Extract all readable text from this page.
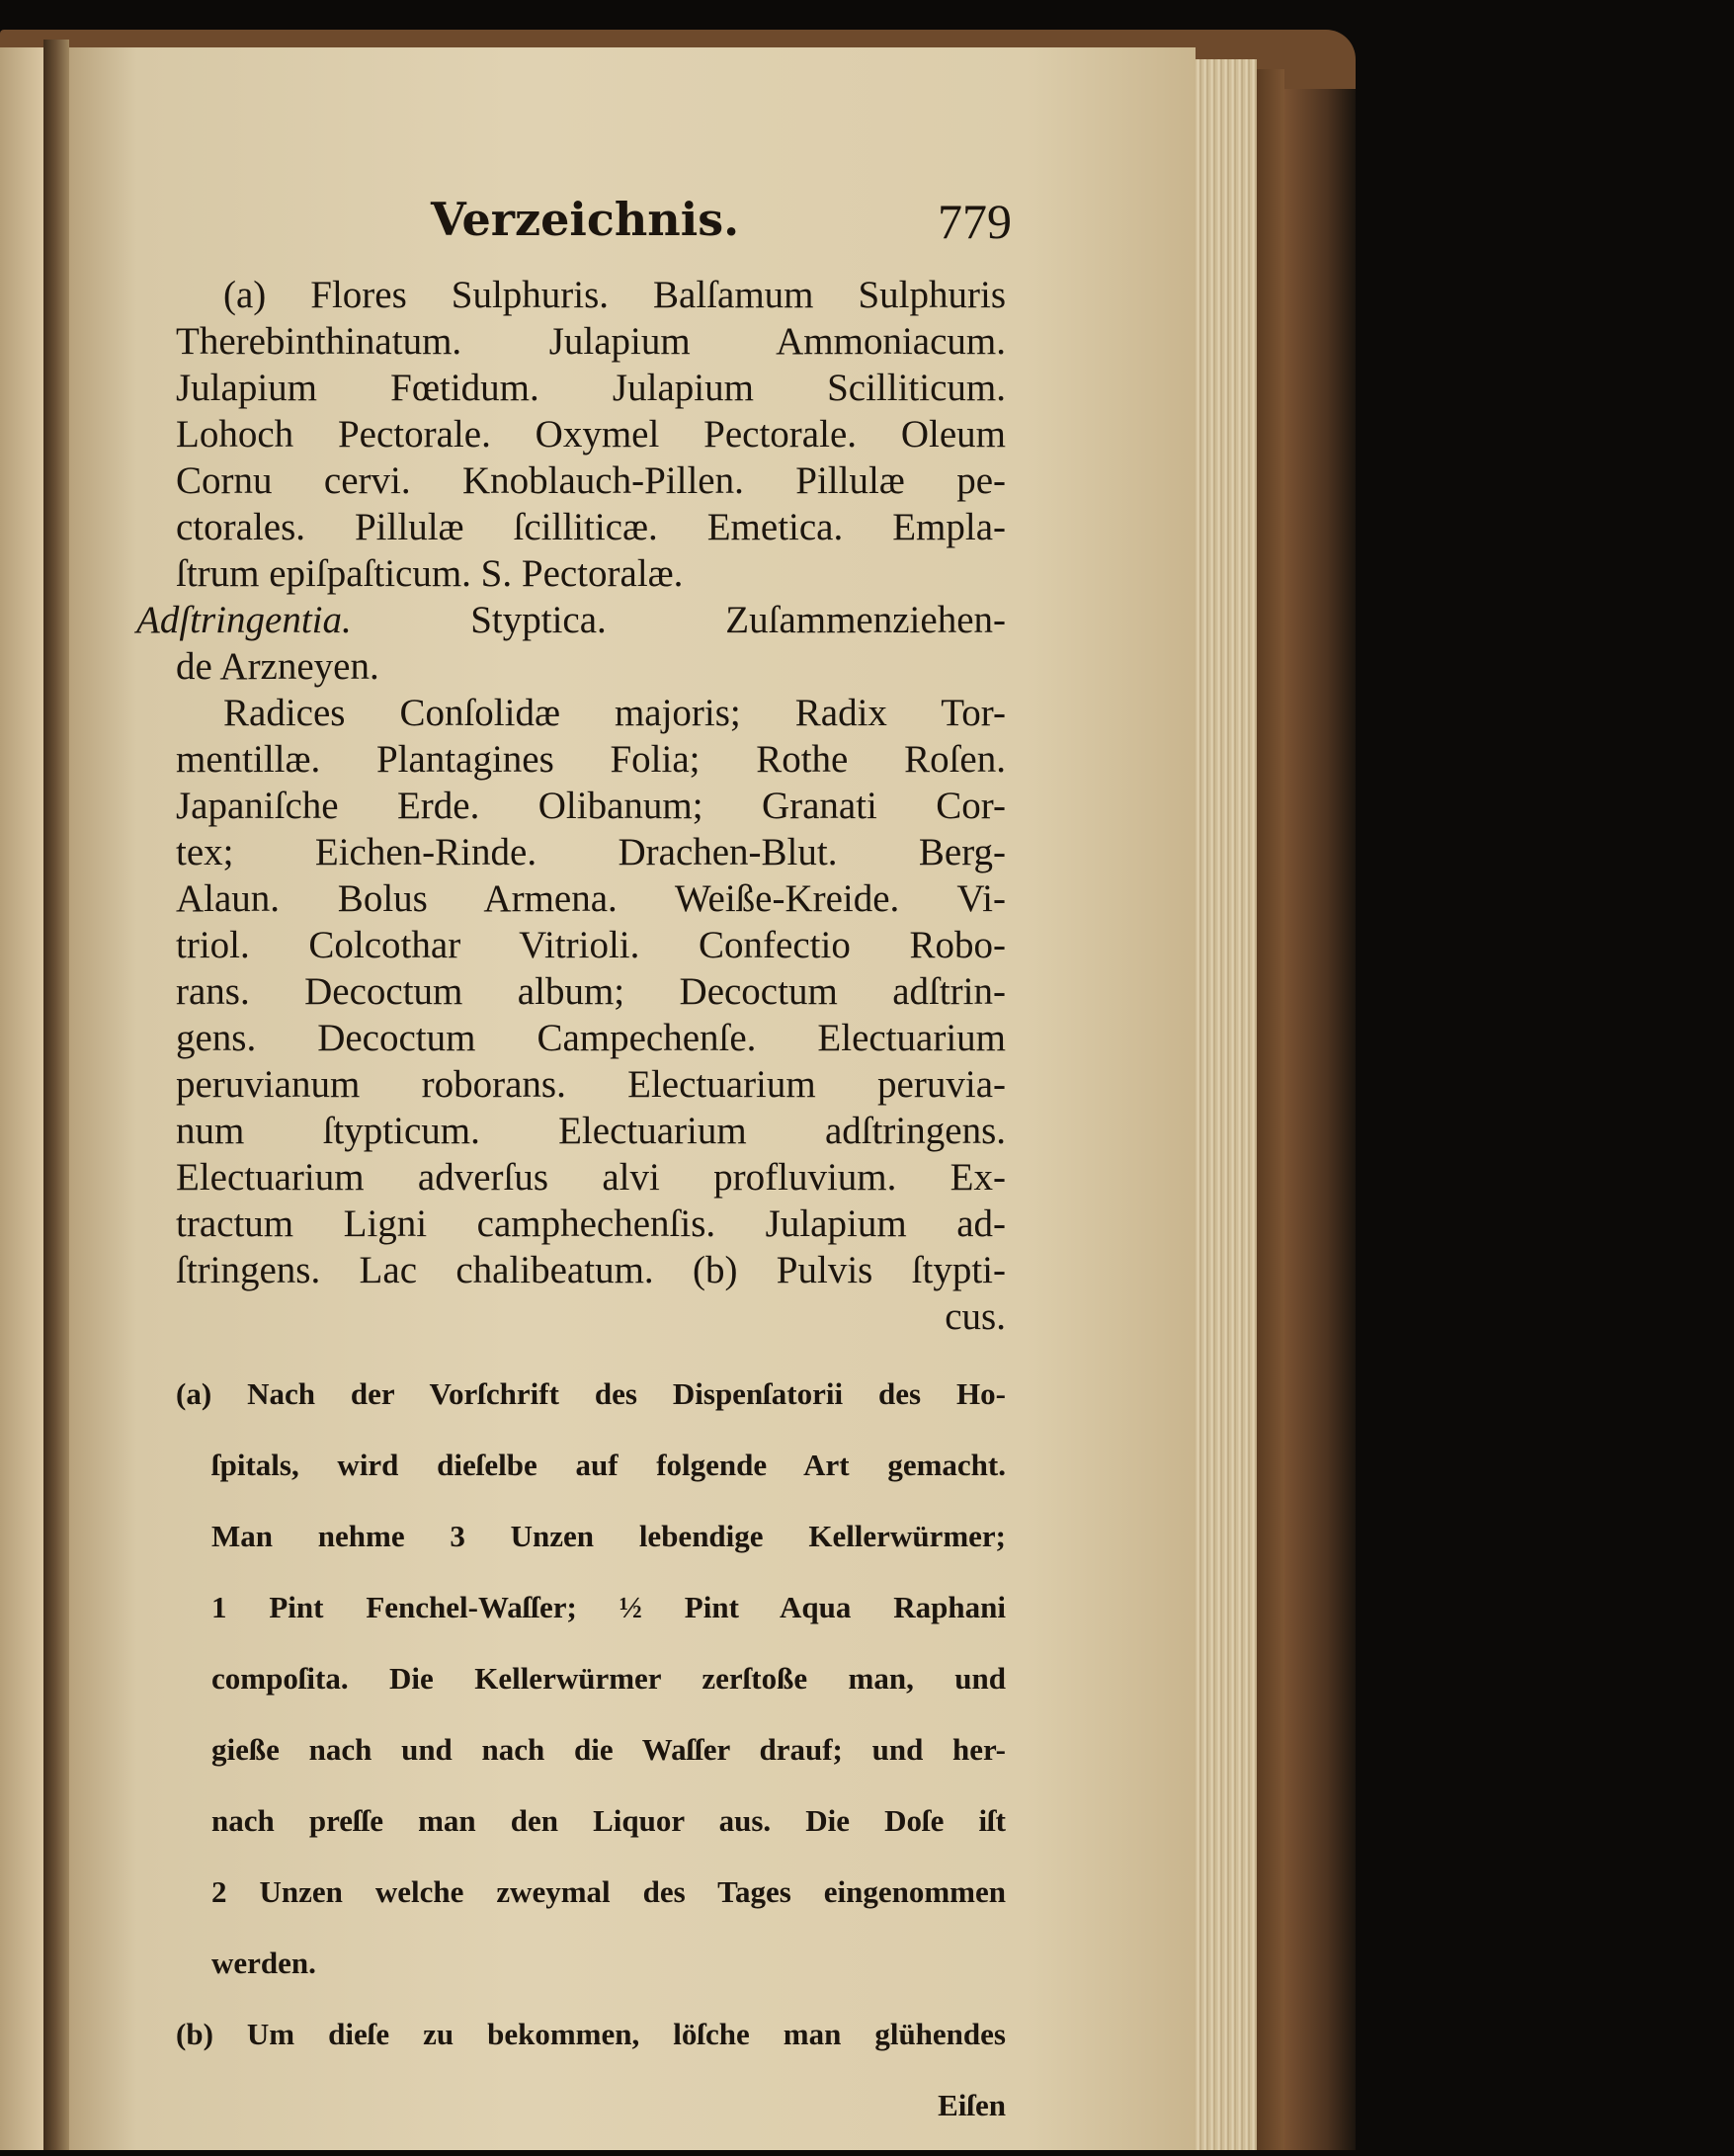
Verzeichnis.	779

(a) Flores Sulphuris. Balſamum Sulphuris

Therebinthinatum. Julapium Ammoniacum.

Julapium Fœtidum. Julapium Scilliticum.

Lohoch Pectorale. Oxymel Pectorale. Oleum

Cornu cervi. Knoblauch-Pillen. Pillulæ pe-

ctorales. Pillulæ ſcilliticæ. Emetica. Empla-

ſtrum epiſpaſticum. S. Pectoralæ.

Adſtringentia. Styptica. Zuſammenziehen-

de Arzneyen.

Radices Conſolidæ majoris; Radix Tor-

mentillæ. Plantagines Folia; Rothe Roſen.

Japaniſche Erde. Olibanum; Granati Cor-

tex; Eichen-Rinde. Drachen-Blut. Berg-

Alaun. Bolus Armena. Weiße-Kreide. Vi-

triol. Colcothar Vitrioli. Confectio Robo-

rans. Decoctum album; Decoctum adſtrin-

gens. Decoctum Campechenſe. Electuarium

peruvianum roborans. Electuarium peruvia-

num ſtypticum. Electuarium adſtringens.

Electuarium adverſus alvi profluvium. Ex-

tractum Ligni camphechenſis. Julapium ad-

ſtringens. Lac chalibeatum. (b) Pulvis ſtypti-

cus.

(a) Nach der Vorſchrift des Dispenſatorii des Ho-

ſpitals, wird dieſelbe auf folgende Art gemacht.

Man nehme 3 Unzen lebendige Kellerwürmer;

1 Pint Fenchel-Waſſer; ½ Pint Aqua Raphani

compoſita. Die Kellerwürmer zerſtoße man, und

gieße nach und nach die Waſſer drauf; und her-

nach preſſe man den Liquor aus. Die Doſe iſt

2 Unzen welche zweymal des Tages eingenommen

werden.

(b) Um dieſe zu bekommen, löſche man glühendes

Eiſen
